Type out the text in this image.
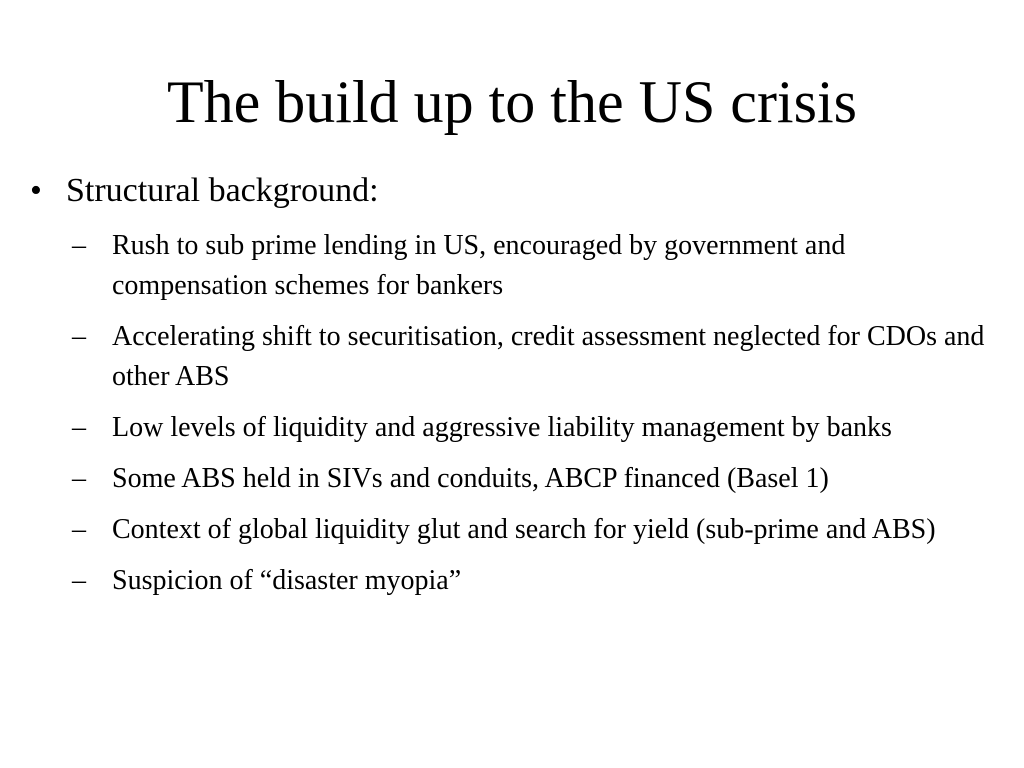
The build up to the US crisis
• Structural background:
– Rush to sub prime lending in US, encouraged by government and compensation schemes for bankers
– Accelerating shift to securitisation, credit assessment neglected for CDOs and other ABS
– Low levels of liquidity and aggressive liability management by banks
– Some ABS held in SIVs and conduits, ABCP financed (Basel 1)
– Context of global liquidity glut and search for yield (sub-prime and ABS)
– Suspicion of “disaster myopia”
